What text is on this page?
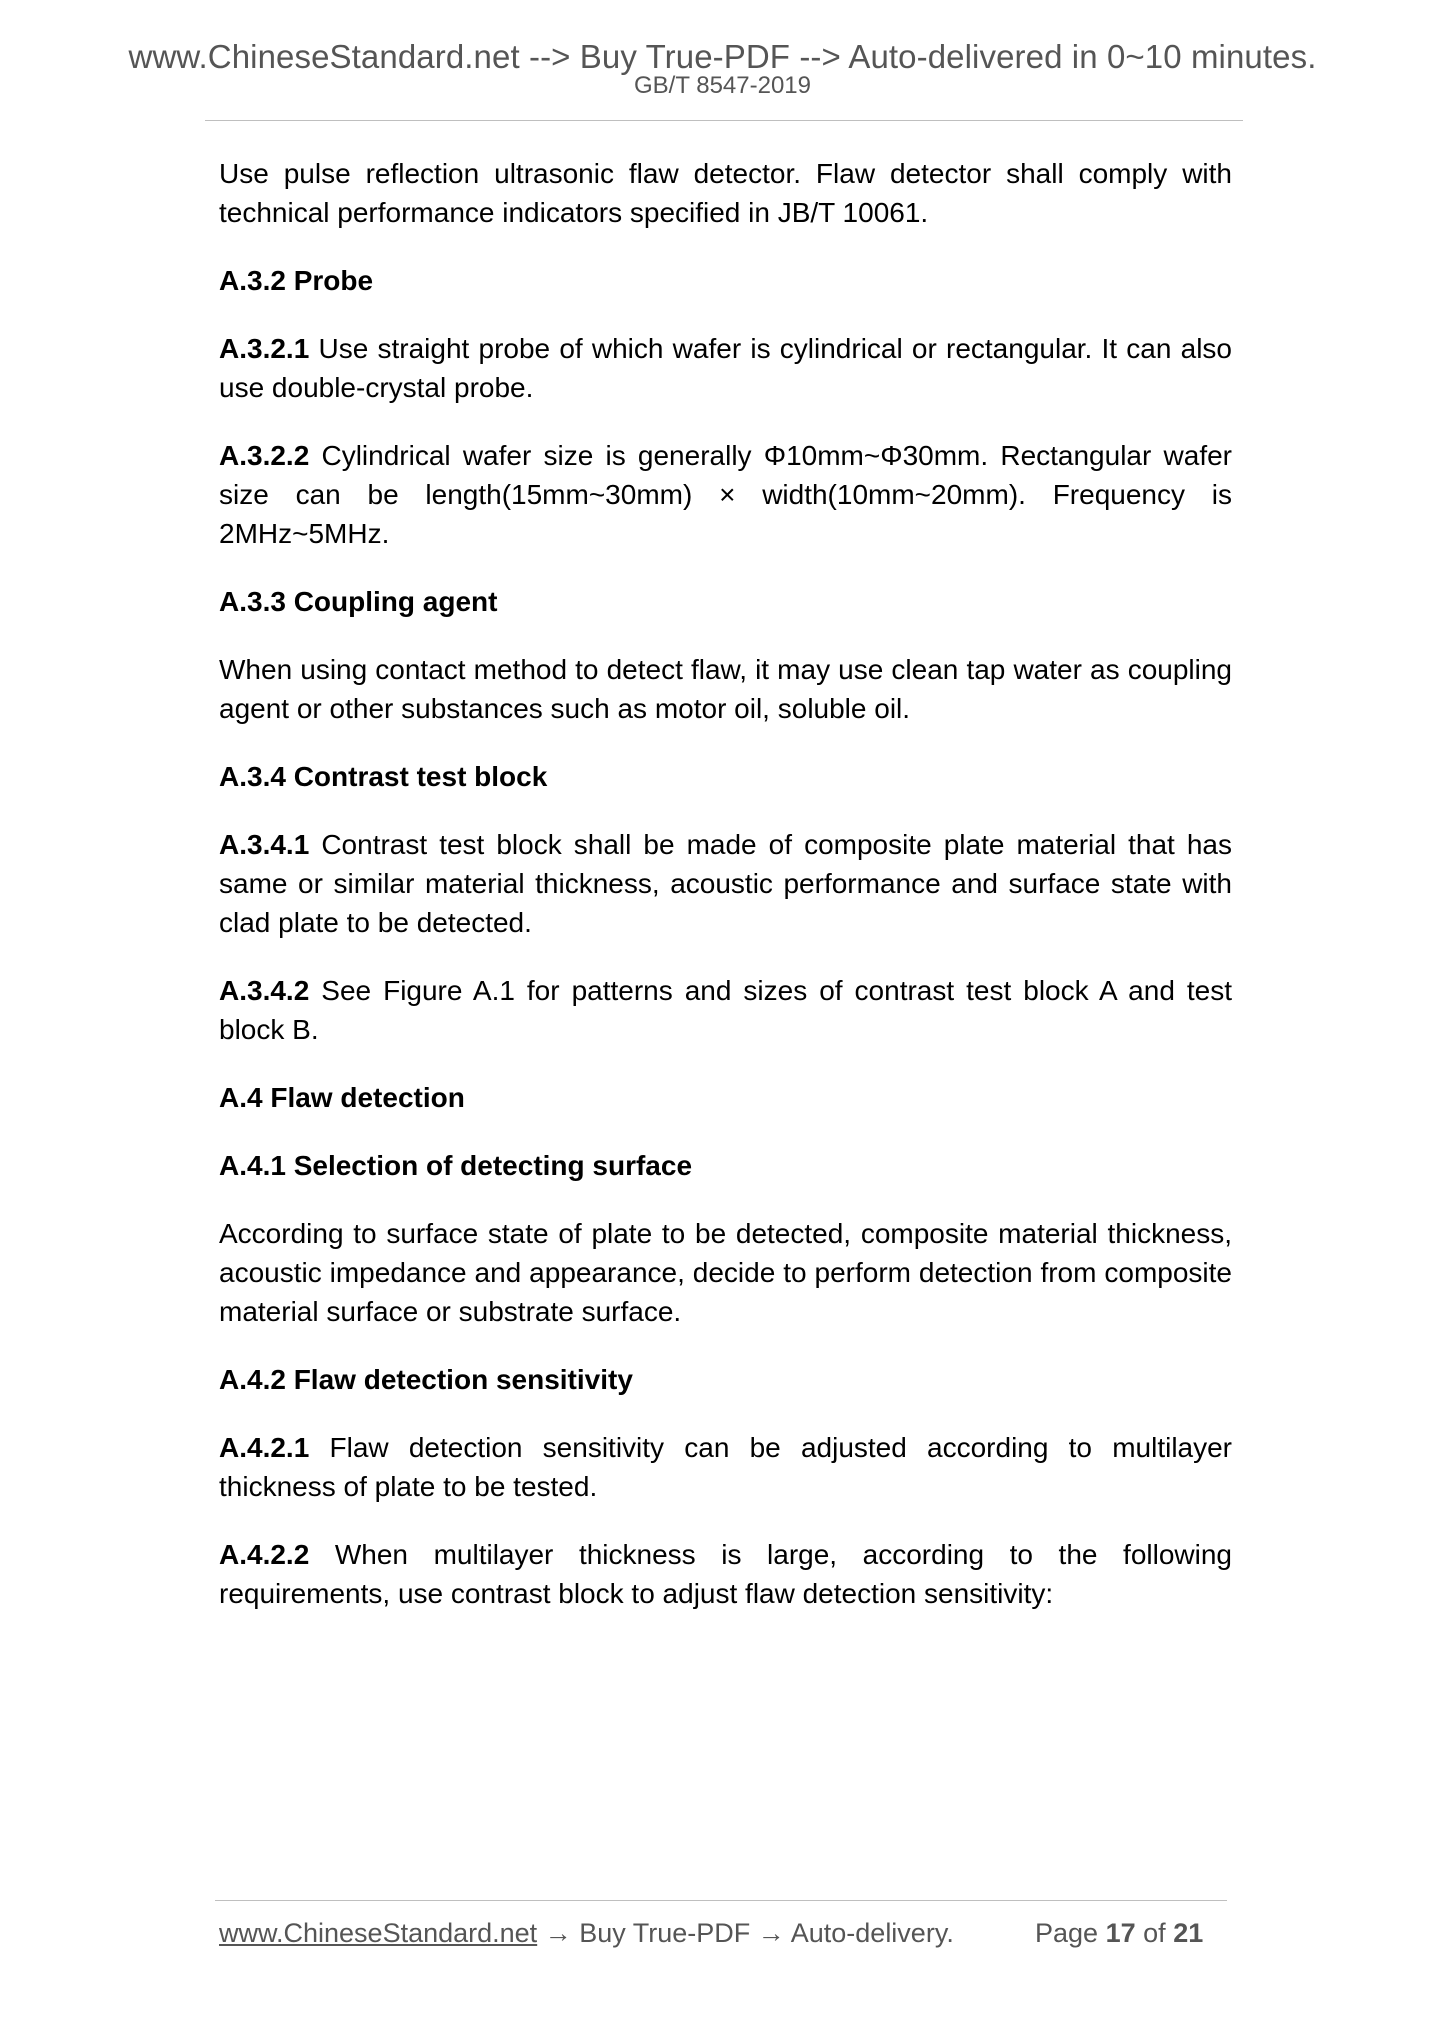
www.ChineseStandard.net --> Buy True-PDF --> Auto-delivered in 0~10 minutes.
GB/T 8547-2019
Use pulse reflection ultrasonic flaw detector. Flaw detector shall comply with technical performance indicators specified in JB/T 10061.
A.3.2 Probe
A.3.2.1 Use straight probe of which wafer is cylindrical or rectangular. It can also use double-crystal probe.
A.3.2.2 Cylindrical wafer size is generally Φ10mm~Φ30mm. Rectangular wafer size can be length(15mm~30mm) × width(10mm~20mm). Frequency is 2MHz~5MHz.
A.3.3 Coupling agent
When using contact method to detect flaw, it may use clean tap water as coupling agent or other substances such as motor oil, soluble oil.
A.3.4 Contrast test block
A.3.4.1 Contrast test block shall be made of composite plate material that has same or similar material thickness, acoustic performance and surface state with clad plate to be detected.
A.3.4.2 See Figure A.1 for patterns and sizes of contrast test block A and test block B.
A.4 Flaw detection
A.4.1 Selection of detecting surface
According to surface state of plate to be detected, composite material thickness, acoustic impedance and appearance, decide to perform detection from composite material surface or substrate surface.
A.4.2 Flaw detection sensitivity
A.4.2.1 Flaw detection sensitivity can be adjusted according to multilayer thickness of plate to be tested.
A.4.2.2 When multilayer thickness is large, according to the following requirements, use contrast block to adjust flaw detection sensitivity:
www.ChineseStandard.net → Buy True-PDF → Auto-delivery.	Page 17 of 21
